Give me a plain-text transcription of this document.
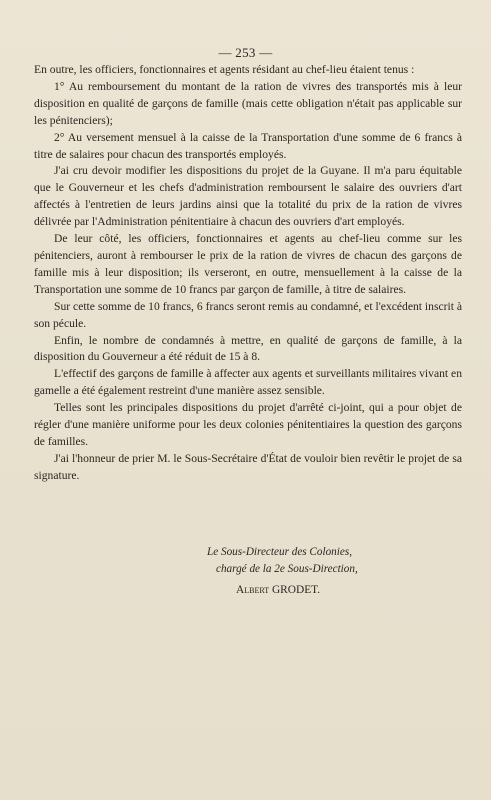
— 253 —

En outre, les officiers, fonctionnaires et agents résidant au chef-lieu étaient tenus :

1° Au remboursement du montant de la ration de vivres des transportés mis à leur disposition en qualité de garçons de famille (mais cette obligation n'était pas applicable sur les pénitenciers);

2° Au versement mensuel à la caisse de la Transportation d'une somme de 6 francs à titre de salaires pour chacun des transportés employés.

J'ai cru devoir modifier les dispositions du projet de la Guyane. Il m'a paru équitable que le Gouverneur et les chefs d'administration remboursent le salaire des ouvriers d'art affectés à l'entretien de leurs jardins ainsi que la totalité du prix de la ration de vivres délivrée par l'Administration pénitentiaire à chacun des ouvriers d'art employés.

De leur côté, les officiers, fonctionnaires et agents au chef-lieu comme sur les pénitenciers, auront à rembourser le prix de la ration de vivres de chacun des garçons de famille mis à leur disposition; ils verseront, en outre, mensuellement à la caisse de la Transportation une somme de 10 francs par garçon de famille, à titre de salaires.

Sur cette somme de 10 francs, 6 francs seront remis au condamné, et l'excédent inscrit à son pécule.

Enfin, le nombre de condamnés à mettre, en qualité de garçons de famille, à la disposition du Gouverneur a été réduit de 15 à 8.

L'effectif des garçons de famille à affecter aux agents et surveillants militaires vivant en gamelle a été également restreint d'une manière assez sensible.

Telles sont les principales dispositions du projet d'arrêté ci-joint, qui a pour objet de régler d'une manière uniforme pour les deux colonies pénitentiaires la question des garçons de familles.

J'ai l'honneur de prier M. le Sous-Secrétaire d'État de vouloir bien revêtir le projet de sa signature.

Le Sous-Directeur des Colonies,
chargé de la 2e Sous-Direction,
Albert GRODET.
